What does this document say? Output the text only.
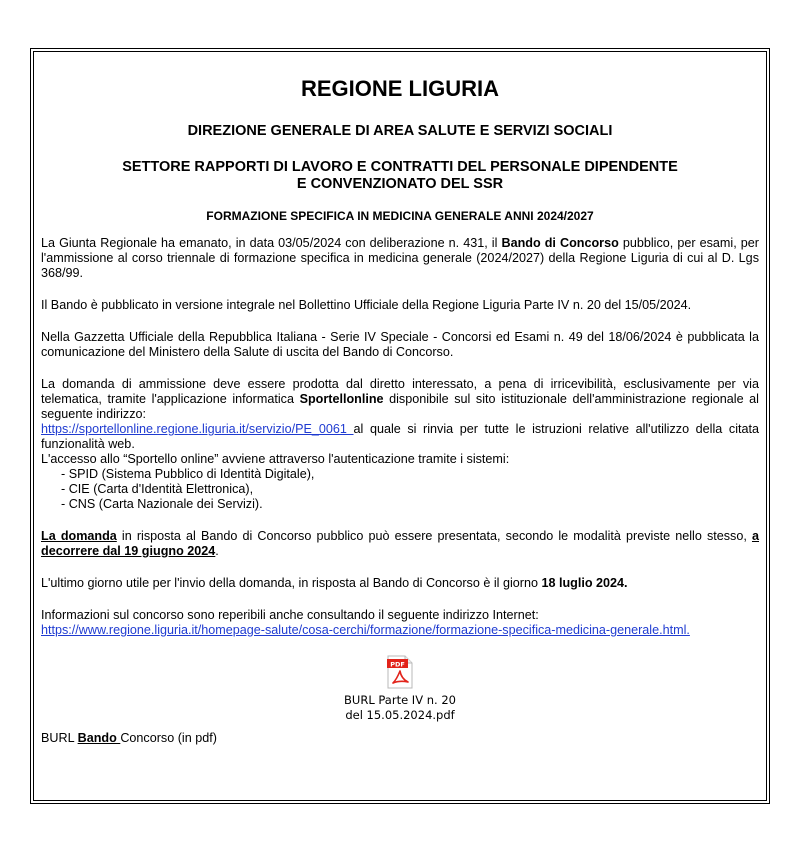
REGIONE LIGURIA
DIREZIONE GENERALE DI AREA SALUTE E SERVIZI SOCIALI
SETTORE RAPPORTI DI LAVORO E CONTRATTI DEL PERSONALE DIPENDENTE
E CONVENZIONATO DEL SSR
FORMAZIONE SPECIFICA IN MEDICINA GENERALE ANNI 2024/2027

La Giunta Regionale ha emanato, in data 03/05/2024 con deliberazione n. 431, il Bando di Concorso pubblico, per esami, per l'ammissione al corso triennale di formazione specifica in medicina generale (2024/2027) della Regione Liguria di cui al D. Lgs 368/99.

Il Bando è pubblicato in versione integrale nel Bollettino Ufficiale della Regione Liguria Parte IV n. 20 del 15/05/2024.

Nella Gazzetta Ufficiale della Repubblica Italiana - Serie IV Speciale - Concorsi ed Esami n. 49 del 18/06/2024 è pubblicata la comunicazione del Ministero della Salute di uscita del Bando di Concorso.

La domanda di ammissione deve essere prodotta dal diretto interessato, a pena di irricevibilità, esclusivamente per via telematica, tramite l'applicazione informatica Sportellonline disponibile sul sito istituzionale dell'amministrazione regionale al seguente indirizzo:
https://sportellonline.regione.liguria.it/servizio/PE_0061 al quale si rinvia per tutte le istruzioni relative all'utilizzo della citata funzionalità web.

L'accesso allo “Sportello online” avviene attraverso l'autenticazione tramite i sistemi:
- SPID (Sistema Pubblico di Identità Digitale),
- CIE (Carta d'Identità Elettronica),
- CNS (Carta Nazionale dei Servizi).

La domanda in risposta al Bando di Concorso pubblico può essere presentata, secondo le modalità previste nello stesso, a decorrere dal 19 giugno 2024.

L'ultimo giorno utile per l'invio della domanda, in risposta al Bando di Concorso è il giorno 18 luglio 2024.

Informazioni sul concorso sono reperibili anche consultando il seguente indirizzo Internet:
https://www.regione.liguria.it/homepage-salute/cosa-cerchi/formazione/formazione-specifica-medicina-generale.html.

PDF
BURL Parte IV n. 20
del 15.05.2024.pdf
BURL Bando Concorso (in pdf)
